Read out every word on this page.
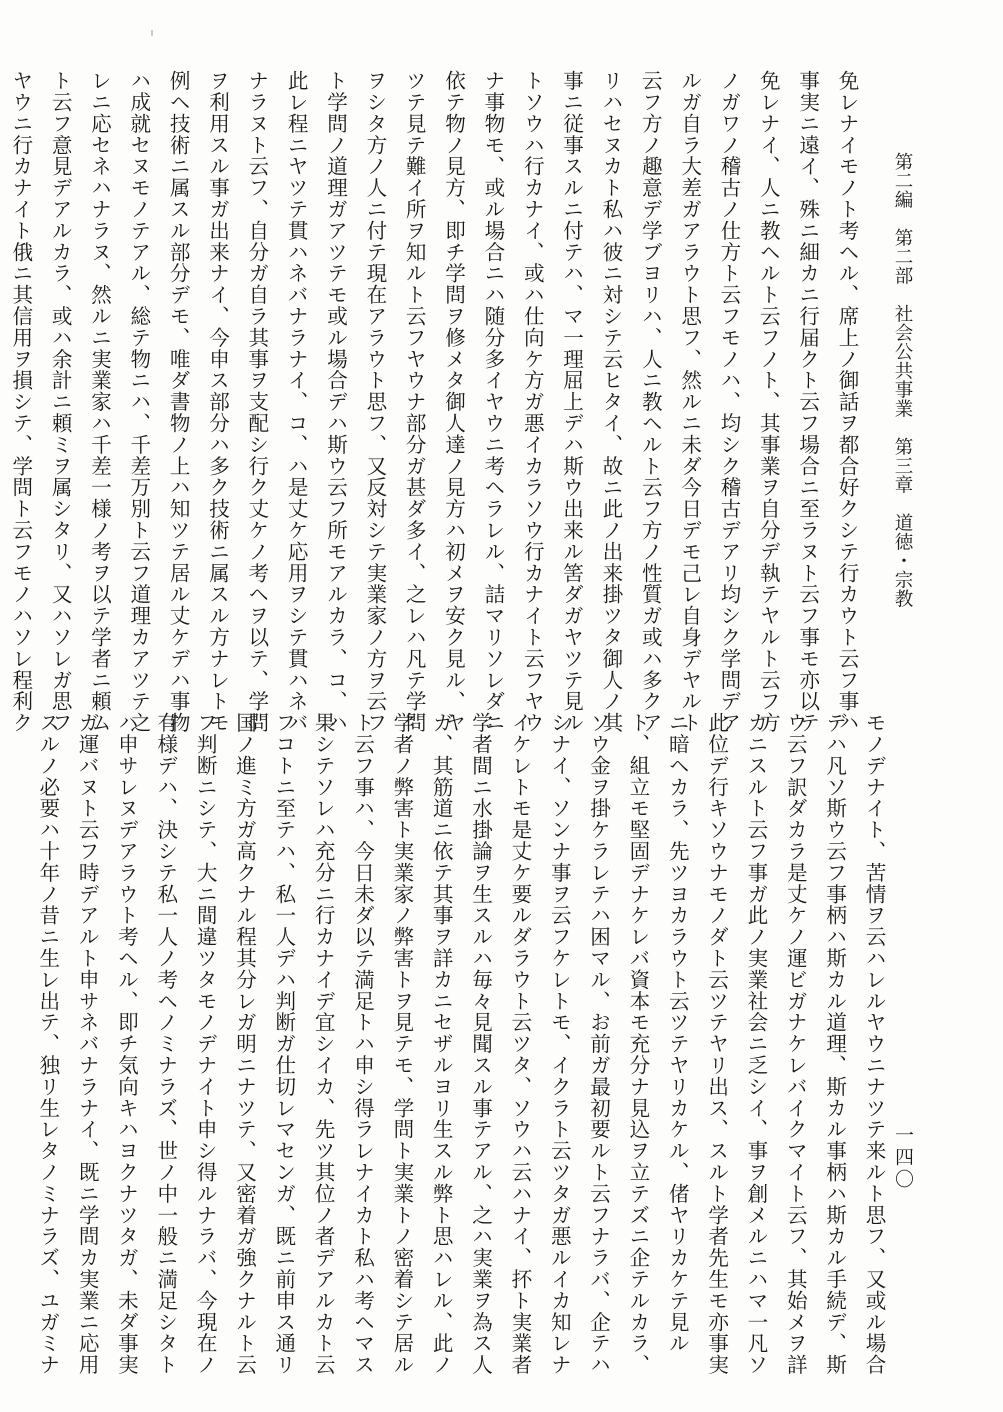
第二編　第二部　社会公共事業　第三章　道徳・宗教
免レナイモノト考ヘル、席上ノ御話ヲ都合好クシテ行カウト云フ事ハ
事実ニ遠イ、殊ニ細カニ行届クト云フ場合ニ至ラヌト云フ事モ亦以テ
免レナイ、人ニ教ヘルト云フノト、其事業ヲ自分デ執テヤルト云フ方
ノガワノ稽古ノ仕方ト云フモノハ、均シク稽古デアリ均シク学問デア
ルガ自ラ大差ガアラウト思フ、然ルニ未ダ今日デモ己レ自身デヤルト
云フ方ノ趣意デ学ブヨリハ、人ニ教ヘルト云フ方ノ性質ガ或ハ多クア
リハセヌカト私ハ彼ニ対シテ云ヒタイ、故ニ此ノ出来掛ツタ御人ノ其
事ニ従事スルニ付テハ、マ一理屈上デハ斯ウ出来ル筈ダガヤツテ見ル
トソウハ行カナイ、或ハ仕向ケ方ガ悪イカラソウ行カナイト云フヤウ
ナ事物モ、或ル場合ニハ随分多イヤウニ考ヘラレル、詰マリソレダニ
依テ物ノ見方、即チ学問ヲ修メタ御人達ノ見方ハ初メヲ安ク見ル、ヤ
ツテ見テ難イ所ヲ知ルト云フヤウナ部分ガ甚ダ多イ、之レハ凡テ学問
ヲシタ方ノ人ニ付テ現在アラウト思フ、又反対シテ実業家ノ方ヲ云フ
ト学問ノ道理ガアツテモ或ル場合デハ斯ウ云フ所モアルカラ、コ、ハ
此レ程ニヤツテ貫ハネバナラナイ、コ、ハ是丈ケ応用ヲシテ貫ハネバ
ナラヌト云フ、自分ガ自ラ其事ヲ支配シ行ク丈ケノ考ヘヲ以テ、学問
ヲ利用スル事ガ出来ナイ、今申ス部分ハ多ク技術ニ属スル方ナレトモ
例ヘ技術ニ属スル部分デモ、唯ダ書物ノ上ハ知ツテ居ル丈ケデハ事物
ハ成就セヌモノテアル、総テ物ニハ、千差万別ト云フ道理カアツテ之
レニ応セネハナラヌ、然ルニ実業家ハ千差一様ノ考ヲ以テ学者ニ頼ム
ト云フ意見デアルカラ、或ハ余計ニ頼ミヲ属シタリ、又ハソレガ思フ
ヤウニ行カナイト俄ニ其信用ヲ損シテ、学問ト云フモノハソレ程利ク
モノデナイト、苦情ヲ云ハレルヤウニナツテ来ルト思フ、又或ル場合
デハ凡ソ斯ウ云フ事柄ハ斯カル道理、斯カル事柄ハ斯カル手続デ、斯
ウ云フ訳ダカラ是丈ケノ運ビガナケレバイクマイト云フ、其始メヲ詳
カニスルト云フ事ガ此ノ実業社会ニ乏シイ、事ヲ創メルニハマ一凡ソ
此位デ行キソウナモノダト云ツテヤリ出ス、スルト学者先生モ亦事実
ニ暗ヘカラ、先ツヨカラウト云ツテヤリカケル、偖ヤリカケテ見ル
ト、組立モ堅固デナケレバ資本モ充分ナ見込ヲ立テズニ企テルカラ、
ソウ金ヲ掛ケラレテハ困マル、お前ガ最初要ルト云フナラバ、企テハ
シナイ、ソンナ事ヲ云フケレトモ、イクラト云ツタガ悪ルイカ知レナ
イケレトモ是丈ケ要ルダラウト云ツタ、ソウハ云ハナイ、抔ト実業者
学者間ニ水掛論ヲ生スルハ毎々見聞スル事テアル、之ハ実業ヲ為ス人
ガ、其筋道ニ依テ其事ヲ詳カニセザルヨリ生スル弊ト思ハレル、此ノ
学者ノ弊害ト実業家ノ弊害トヲ見テモ、学問ト実業トノ密着シテ居ル
ト云フ事ハ、今日未ダ以テ満足トハ申シ得ラレナイカト私ハ考ヘマス
果シテソレハ充分ニ行カナイデ宜シイカ、先ツ其位ノ者デアルカト云
フコトニ至テハ、私一人デハ判断ガ仕切レマセンガ、既ニ前申ス通リ
国ノ進ミ方ガ高クナル程其分レガ明ニナツテ、又密着ガ強クナルト云
フ判断ニシテ、大ニ間違ツタモノデナイト申シ得ルナラバ、今現在ノ
有様デハ、決シテ私一人ノ考ヘノミナラズ、世ノ中一般ニ満足シタト
ハ申サレヌデアラウト考ヘル、即チ気向キハヨクナツタガ、未ダ事実
ガ運バヌト云フ時デアルト申サネバナラナイ、既ニ学問カ実業ニ応用
スルノ必要ハ十年ノ昔ニ生レ出テ、独リ生レタノミナラズ、ユガミナ	一四〇
